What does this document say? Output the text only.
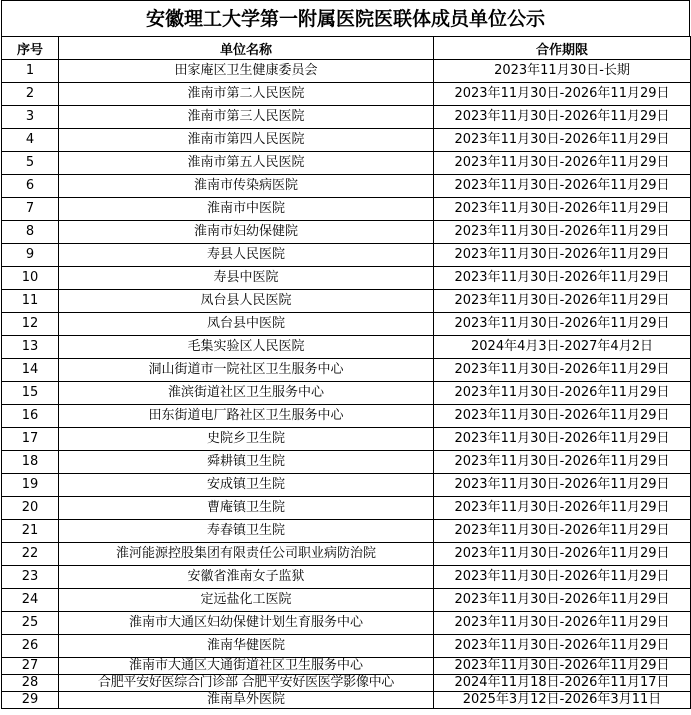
安徽理工大学第一附属医院医联体成员单位公示
序号	单位名称	合作期限
1	田家庵区卫生健康委员会	2023年11月30日-长期
2	淮南市第二人民医院	2023年11月30日-2026年11月29日
3	淮南市第三人民医院	2023年11月30日-2026年11月29日
4	淮南市第四人民医院	2023年11月30日-2026年11月29日
5	淮南市第五人民医院	2023年11月30日-2026年11月29日
6	淮南市传染病医院	2023年11月30日-2026年11月29日
7	淮南市中医院	2023年11月30日-2026年11月29日
8	淮南市妇幼保健院	2023年11月30日-2026年11月29日
9	寿县人民医院	2023年11月30日-2026年11月29日
10	寿县中医院	2023年11月30日-2026年11月29日
11	凤台县人民医院	2023年11月30日-2026年11月29日
12	凤台县中医院	2023年11月30日-2026年11月29日
13	毛集实验区人民医院	2024年4月3日-2027年4月2日
14	洞山街道市一院社区卫生服务中心	2023年11月30日-2026年11月29日
15	淮滨街道社区卫生服务中心	2023年11月30日-2026年11月29日
16	田东街道电厂路社区卫生服务中心	2023年11月30日-2026年11月29日
17	史院乡卫生院	2023年11月30日-2026年11月29日
18	舜耕镇卫生院	2023年11月30日-2026年11月29日
19	安成镇卫生院	2023年11月30日-2026年11月29日
20	曹庵镇卫生院	2023年11月30日-2026年11月29日
21	寿春镇卫生院	2023年11月30日-2026年11月29日
22	淮河能源控股集团有限责任公司职业病防治院	2023年11月30日-2026年11月29日
23	安徽省淮南女子监狱	2023年11月30日-2026年11月29日
24	定远盐化工医院	2023年11月30日-2026年11月29日
25	淮南市大通区妇幼保健计划生育服务中心	2023年11月30日-2026年11月29日
26	淮南华健医院	2023年11月30日-2026年11月29日
27	淮南市大通区大通街道社区卫生服务中心	2023年11月30日-2026年11月29日
28	合肥平安好医综合门诊部 合肥平安好医医学影像中心	2024年11月18日-2026年11月17日
29	淮南阜外医院	2025年3月12日-2026年3月11日
